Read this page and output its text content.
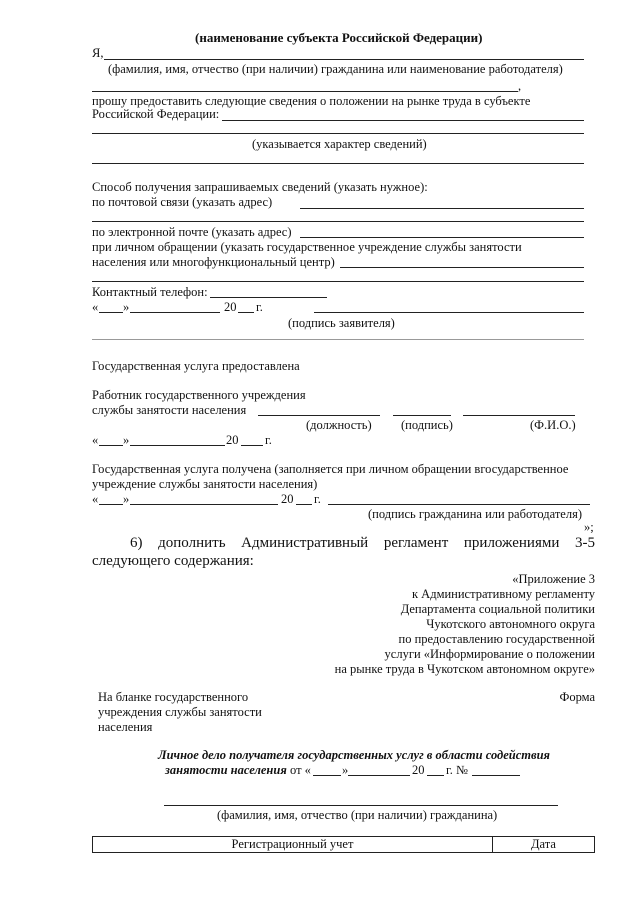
(наименование субъекта Российской Федерации)
Я,
(фамилия, имя, отчество (при наличии) гражданина или наименование работодателя)
,
прошу предоставить следующие сведения о положении на рынке труда в субъекте
Российской Федерации:
(указывается характер сведений)
Способ получения запрашиваемых сведений (указать нужное):
по почтовой связи (указать адрес)
по электронной почте (указать адрес)
при личном обращении (указать государственное учреждение службы занятости
населения или многофункциональный центр)
Контактный телефон:
« »	20 г.
(подпись заявителя)
Государственная услуга предоставлена
Работник государственного учреждения
службы занятости населения
(должность) (подпись)	(Ф.И.О.)
« »	20 г.
Государственная услуга получена (заполняется при личном обращении вгосударственное
учреждение службы занятости населения)
« »	20 г.
(подпись гражданина или работодателя)
»;
6) дополнить Административный регламент приложениями 3-5
следующего содержания:
«Приложение 3
к Административному регламенту
Департамента социальной политики
Чукотского автономного округа
по предоставлению государственной
услуги «Информирование о положении
на рынке труда в Чукотском автономном округе»
На бланке государственного
учреждения службы занятости
населения
Форма
Личное дело получателя государственных услуг в области содействия
занятости населения от « »	20 г. №
(фамилия, имя, отчество (при наличии) гражданина)
Регистрационный учет	Дата
